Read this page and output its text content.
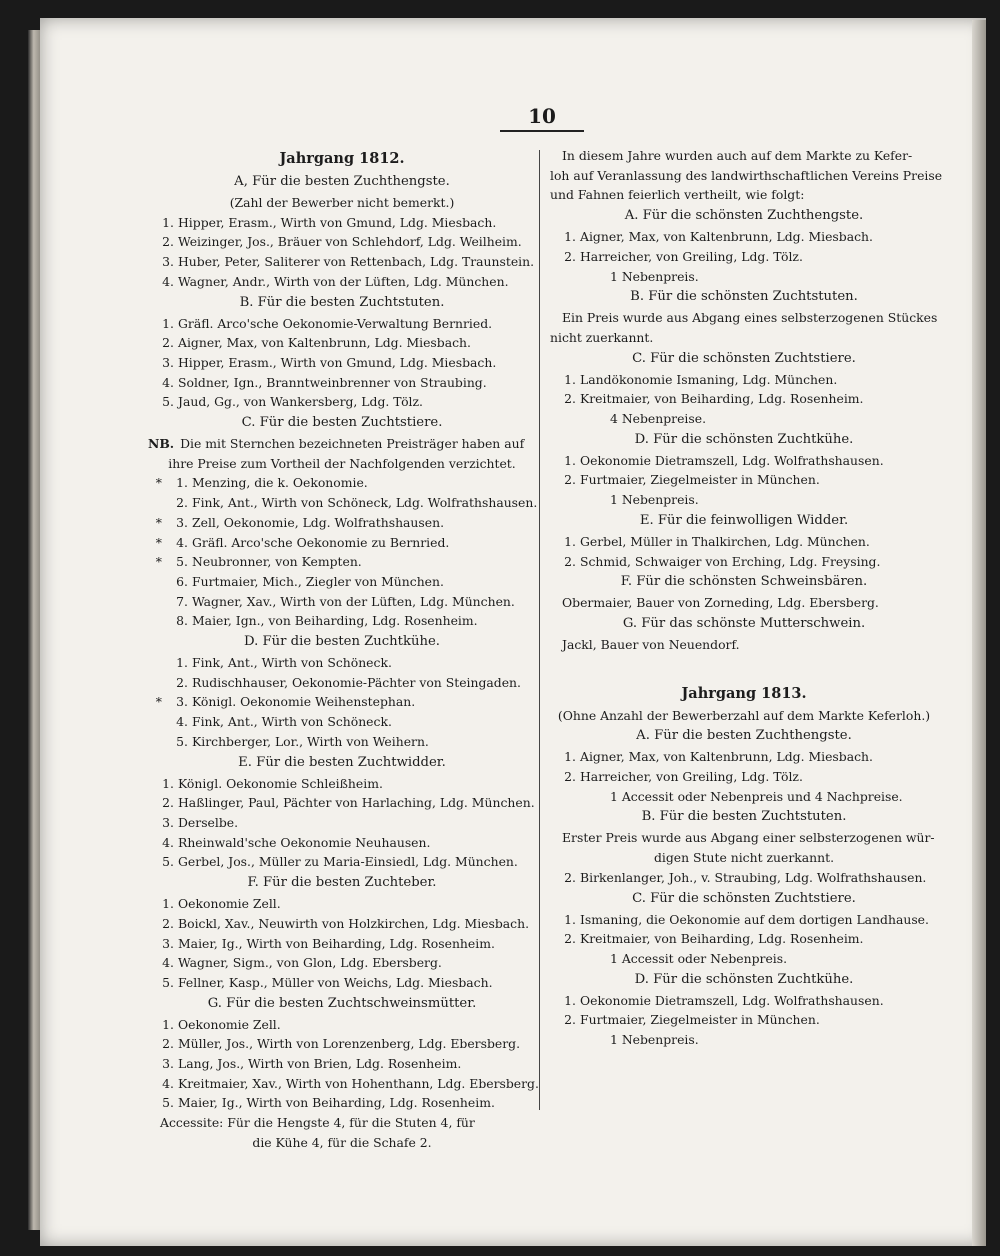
10
Jahrgang 1812.
A, Für die besten Zuchthengste.
(Zahl der Bewerber nicht bemerkt.)
1. Hipper, Erasm., Wirth von Gmund, Ldg. Miesbach.
2. Weizinger, Jos., Bräuer von Schlehdorf, Ldg. Weilheim.
3. Huber, Peter, Saliterer von Rettenbach, Ldg. Traunstein.
4. Wagner, Andr., Wirth von der Lüften, Ldg. München.
B. Für die besten Zuchtstuten.
1. Gräfl. Arco'sche Oekonomie-Verwaltung Bernried.
2. Aigner, Max, von Kaltenbrunn, Ldg. Miesbach.
3. Hipper, Erasm., Wirth von Gmund, Ldg. Miesbach.
4. Soldner, Ign., Branntweinbrenner von Straubing.
5. Jaud, Gg., von Wankersberg, Ldg. Tölz.
C. Für die besten Zuchtstiere.
NB. Die mit Sternchen bezeichneten Preisträger haben auf
ihre Preise zum Vortheil der Nachfolgenden verzichtet.
*	1. Menzing, die k. Oekonomie.
2. Fink, Ant., Wirth von Schöneck, Ldg. Wolfrathshausen.
*	3. Zell, Oekonomie, Ldg. Wolfrathshausen.
*	4. Gräfl. Arco'sche Oekonomie zu Bernried.
*	5. Neubronner, von Kempten.
6. Furtmaier, Mich., Ziegler von München.
7. Wagner, Xav., Wirth von der Lüften, Ldg. München.
8. Maier, Ign., von Beiharding, Ldg. Rosenheim.
D. Für die besten Zuchtkühe.
1. Fink, Ant., Wirth von Schöneck.
2. Rudischhauser, Oekonomie-Pächter von Steingaden.
*	3. Königl. Oekonomie Weihenstephan.
4. Fink, Ant., Wirth von Schöneck.
5. Kirchberger, Lor., Wirth von Weihern.
E. Für die besten Zuchtwidder.
1. Königl. Oekonomie Schleißheim.
2. Haßlinger, Paul, Pächter von Harlaching, Ldg. München.
3. Derselbe.
4. Rheinwald'sche Oekonomie Neuhausen.
5. Gerbel, Jos., Müller zu Maria-Einsiedl, Ldg. München.
F. Für die besten Zuchteber.
1. Oekonomie Zell.
2. Boickl, Xav., Neuwirth von Holzkirchen, Ldg. Miesbach.
3. Maier, Ig., Wirth von Beiharding, Ldg. Rosenheim.
4. Wagner, Sigm., von Glon, Ldg. Ebersberg.
5. Fellner, Kasp., Müller von Weichs, Ldg. Miesbach.
G. Für die besten Zuchtschweinsmütter.
1. Oekonomie Zell.
2. Müller, Jos., Wirth von Lorenzenberg, Ldg. Ebersberg.
3. Lang, Jos., Wirth von Brien, Ldg. Rosenheim.
4. Kreitmaier, Xav., Wirth von Hohenthann, Ldg. Ebersberg.
5. Maier, Ig., Wirth von Beiharding, Ldg. Rosenheim.
Accessite: Für die Hengste 4, für die Stuten 4, für
die Kühe 4, für die Schafe 2.
In diesem Jahre wurden auch auf dem Markte zu Kefer-
loh auf Veranlassung des landwirthschaftlichen Vereins Preise
und Fahnen feierlich vertheilt, wie folgt:
A. Für die schönsten Zuchthengste.
1. Aigner, Max, von Kaltenbrunn, Ldg. Miesbach.
2. Harreicher, von Greiling, Ldg. Tölz.
1 Nebenpreis.
B. Für die schönsten Zuchtstuten.
Ein Preis wurde aus Abgang eines selbsterzogenen Stückes
nicht zuerkannt.
C. Für die schönsten Zuchtstiere.
1. Landökonomie Ismaning, Ldg. München.
2. Kreitmaier, von Beiharding, Ldg. Rosenheim.
4 Nebenpreise.
D. Für die schönsten Zuchtkühe.
1. Oekonomie Dietramszell, Ldg. Wolfrathshausen.
2. Furtmaier, Ziegelmeister in München.
1 Nebenpreis.
E. Für die feinwolligen Widder.
1. Gerbel, Müller in Thalkirchen, Ldg. München.
2. Schmid, Schwaiger von Erching, Ldg. Freysing.
F. Für die schönsten Schweinsbären.
Obermaier, Bauer von Zorneding, Ldg. Ebersberg.
G. Für das schönste Mutterschwein.
Jackl, Bauer von Neuendorf.
Jahrgang 1813.
(Ohne Anzahl der Bewerberzahl auf dem Markte Keferloh.)
A. Für die besten Zuchthengste.
1. Aigner, Max, von Kaltenbrunn, Ldg. Miesbach.
2. Harreicher, von Greiling, Ldg. Tölz.
1 Accessit oder Nebenpreis und 4 Nachpreise.
B. Für die besten Zuchtstuten.
Erster Preis wurde aus Abgang einer selbsterzogenen wür-
digen Stute nicht zuerkannt.
2. Birkenlanger, Joh., v. Straubing, Ldg. Wolfrathshausen.
C. Für die schönsten Zuchtstiere.
1. Ismaning, die Oekonomie auf dem dortigen Landhause.
2. Kreitmaier, von Beiharding, Ldg. Rosenheim.
1 Accessit oder Nebenpreis.
D. Für die schönsten Zuchtkühe.
1. Oekonomie Dietramszell, Ldg. Wolfrathshausen.
2. Furtmaier, Ziegelmeister in München.
1 Nebenpreis.
